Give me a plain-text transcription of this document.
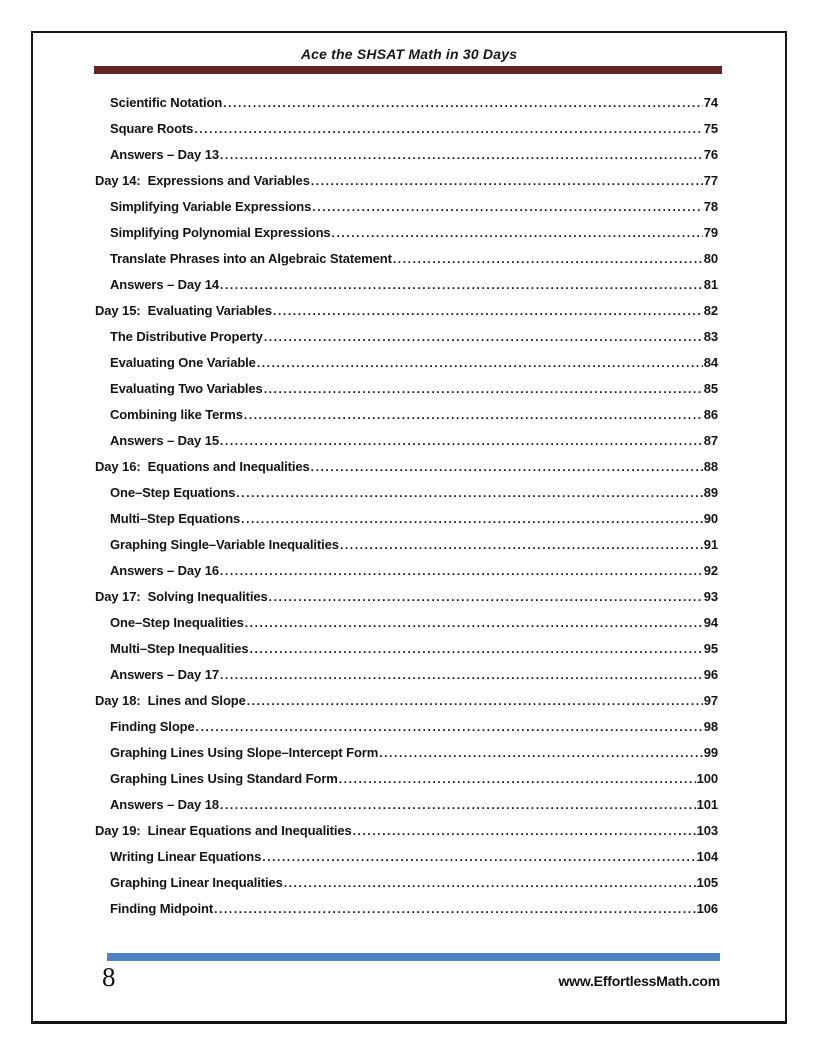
Ace the SHSAT Math in 30 Days
Scientific Notation .....	74
Square Roots .....	75
Answers – Day 13 .....	76
Day 14:  Expressions and Variables .....	77
Simplifying Variable Expressions .....	78
Simplifying Polynomial Expressions .....	79
Translate Phrases into an Algebraic Statement .....	80
Answers – Day 14 .....	81
Day 15:  Evaluating Variables .....	82
The Distributive Property .....	83
Evaluating One Variable .....	84
Evaluating Two Variables .....	85
Combining like Terms .....	86
Answers – Day 15 .....	87
Day 16:  Equations and Inequalities .....	88
One–Step Equations .....	89
Multi–Step Equations .....	90
Graphing Single–Variable Inequalities .....	91
Answers – Day 16 .....	92
Day 17:  Solving Inequalities .....	93
One–Step Inequalities .....	94
Multi–Step Inequalities .....	95
Answers – Day 17 .....	96
Day 18:  Lines and Slope .....	97
Finding Slope .....	98
Graphing Lines Using Slope–Intercept Form .....	99
Graphing Lines Using Standard Form .....	100
Answers – Day 18 .....	101
Day 19:  Linear Equations and Inequalities .....	103
Writing Linear Equations .....	104
Graphing Linear Inequalities .....	105
Finding Midpoint .....	106
8	www.EffortlessMath.com
